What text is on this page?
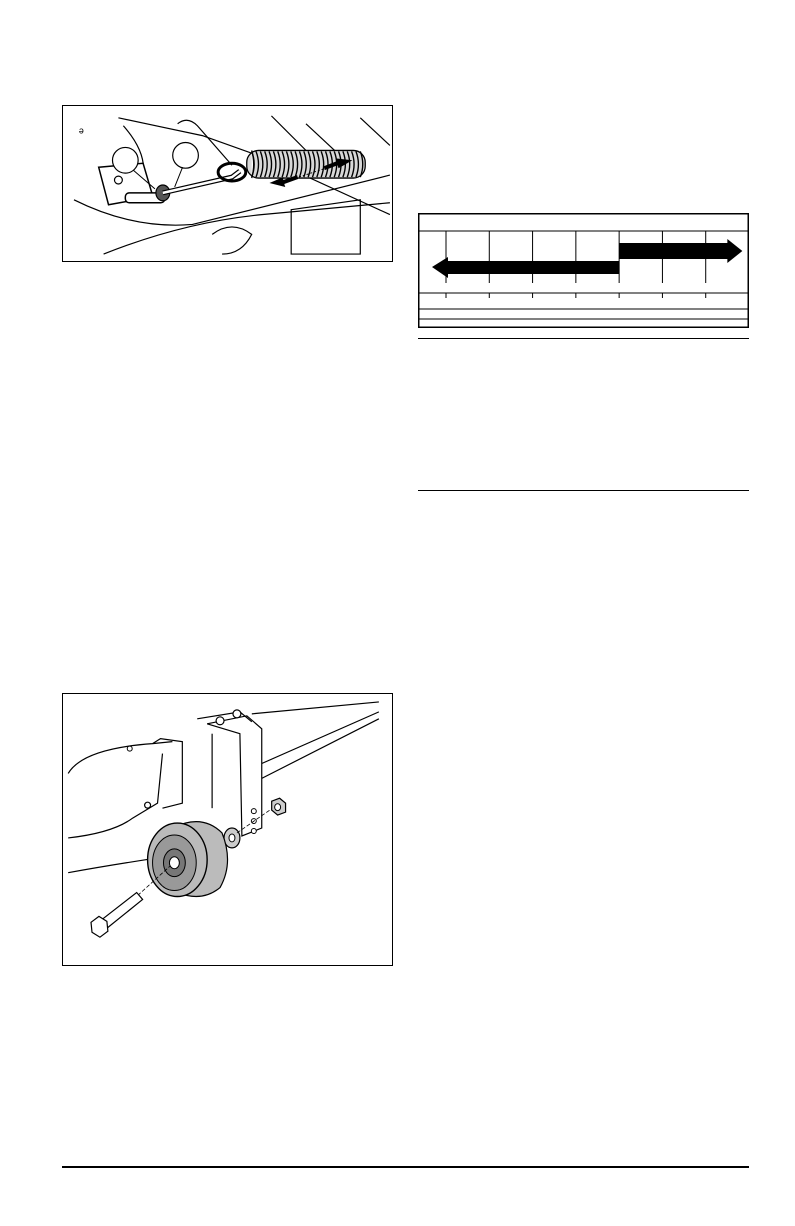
ə
